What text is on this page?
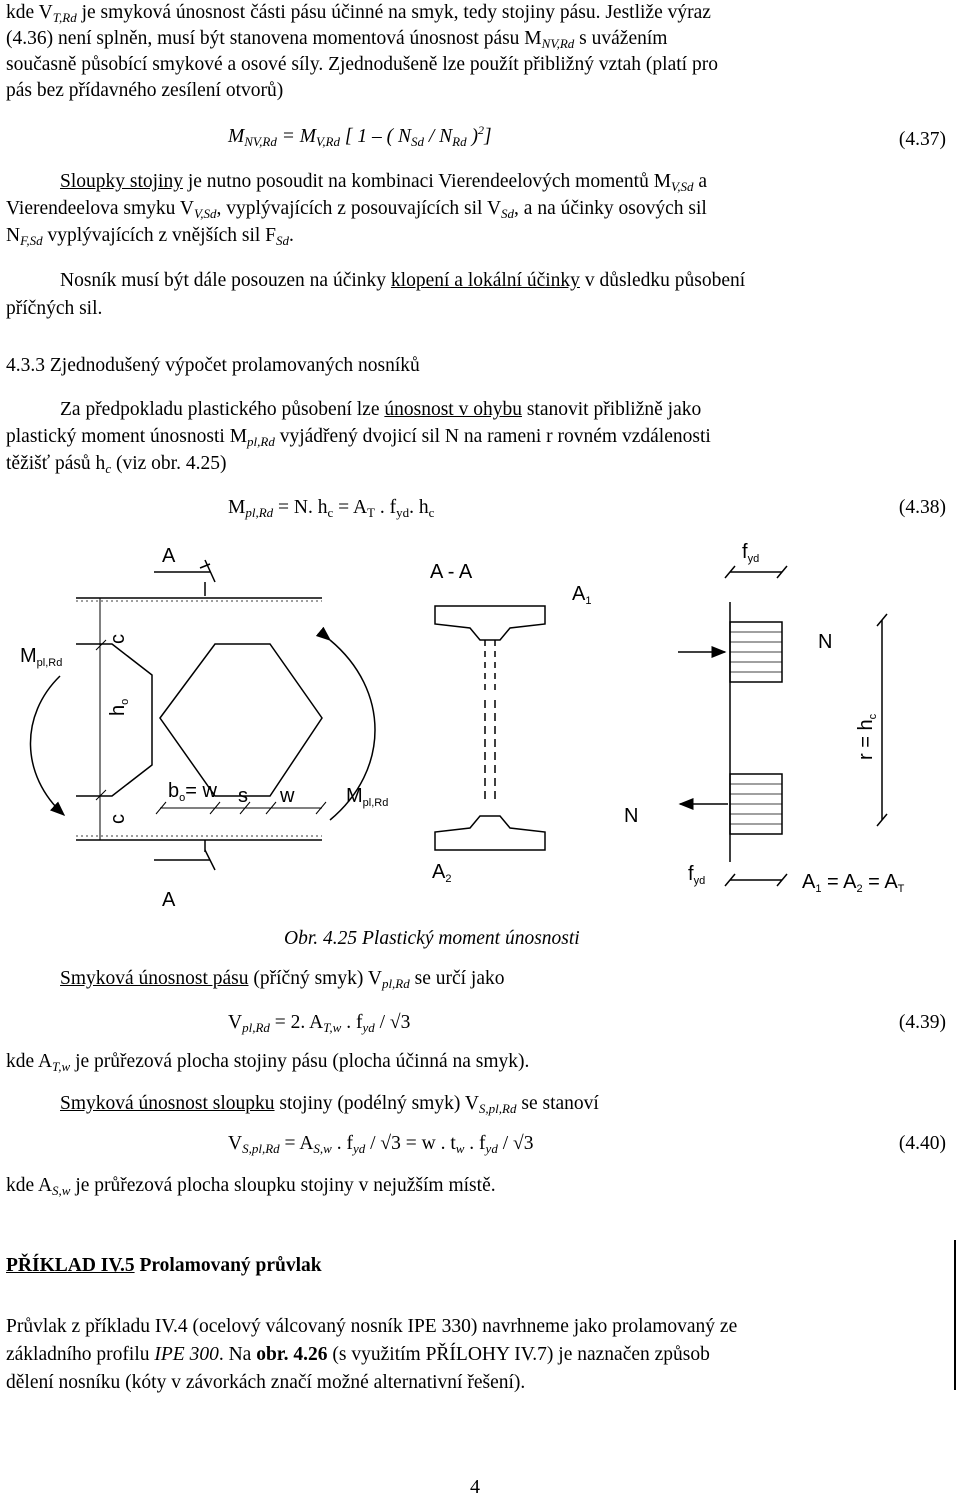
kde $V_{T,Rd}$ je smyková únosnost části pásu účinné na smyk, tedy stojiny pásu. Jestliže výraz
(4.36) není splněn, musí být stanovena momentová únosnost pásu $M_{NV,Rd}$ s uvážením
současně působící smykové a osové síly. Zjednodušeně lze použít přibližný vztah (platí pro
pás bez přídavného zesílení otvorů)
$M_{NV,Rd} = M_{V,Rd}$ [ 1 – ( $N_{Sd} / N_{Rd}$ )$^2$]	(4.37)
Sloupky stojiny je nutno posoudit na kombinaci Vierendeelových momentů $M_{V,Sd}$ a
Vierendeelova smyku $V_{V,Sd}$, vyplývajících z posouvajících sil $V_{Sd}$, a na účinky osových sil
$N_{F,Sd}$ vyplývajících z vnějších sil $F_{Sd}$.
Nosník musí být dále posouzen na účinky klopení a lokální účinky v důsledku působení
příčných sil.
4.3.3 Zjednodušený výpočet prolamovaných nosníků
Za předpokladu plastického působení lze únosnost v ohybu stanovit přibližně jako
plastický moment únosnosti $M_{pl,Rd}$ vyjádřený dvojicí sil N na rameni r rovném vzdálenosti
těžišť pásů $h_c$ (viz obr. 4.25)
$M_{pl,Rd} = N$. $h_c = A_T$ . $f_{yd}$. $h_c$	(4.38)
A
A - A
$A_1$
$f_{yd}$
$M_{pl,Rd}$
c
$h_o$
c
$b_o= w$ s w	$M_{pl,Rd}$
N
N
$r = h_c$
$A_2$
A
$f_{yd}$	$A_1 = A_2 = A_T$
Obr. 4.25 Plastický moment únosnosti
Smyková únosnost pásu (příčný smyk) $V_{pl,Rd}$ se určí jako
$V_{pl,Rd} = 2$. $A_{T,w}$ . $f_{yd} / √3$	(4.39)
kde $A_{T,w}$ je průřezová plocha stojiny pásu (plocha účinná na smyk).
Smyková únosnost sloupku stojiny (podélný smyk) $V_{S,pl,Rd}$ se stanoví
$V_{S,pl,Rd} = A_{S,w}$ . $f_{yd} / √3 = w$ . $t_w$ . $f_{yd} / √3$	(4.40)
kde $A_{S,w}$ je průřezová plocha sloupku stojiny v nejužším místě.
PŘÍKLAD IV.5 Prolamovaný průvlak
Průvlak z příkladu IV.4 (ocelový válcovaný nosník IPE 330) navrhneme jako prolamovaný ze
základního profilu IPE 300. Na obr. 4.26 (s využitím PŘÍLOHY IV.7) je naznačen způsob
dělení nosníku (kóty v závorkách značí možné alternativní řešení).
4
